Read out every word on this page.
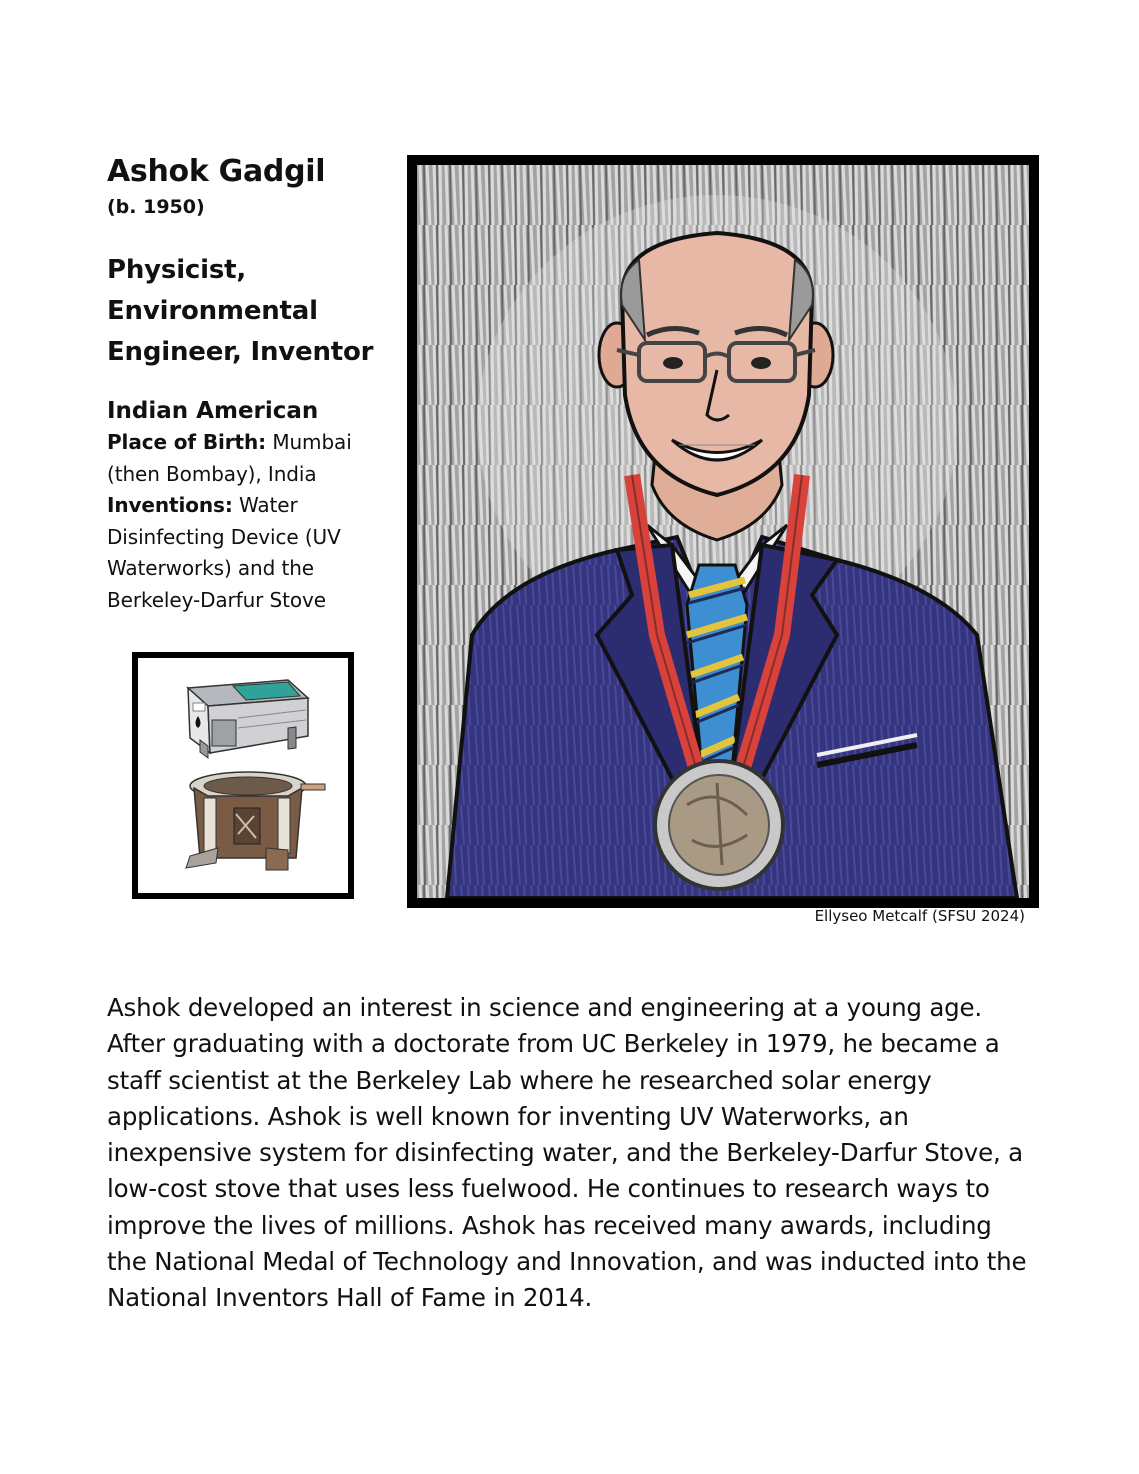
Ashok Gadgil

(b. 1950)

Physicist, Environmental Engineer, Inventor

Indian American

Place of Birth: Mumbai (then Bombay), India

Inventions: Water Disinfecting Device (UV Waterworks) and the Berkeley-Darfur Stove

Ellyseo Metcalf (SFSU 2024)

Ashok developed an interest in science and engineering at a young age. After graduating with a doctorate from UC Berkeley in 1979, he became a staff scientist at the Berkeley Lab where he researched solar energy applications. Ashok is well known for inventing UV Waterworks, an inexpensive system for disinfecting water, and the Berkeley-Darfur Stove, a low-cost stove that uses less fuelwood. He continues to research ways to improve the lives of millions. Ashok has received many awards, including the National Medal of Technology and Innovation, and was inducted into the National Inventors Hall of Fame in 2014.
